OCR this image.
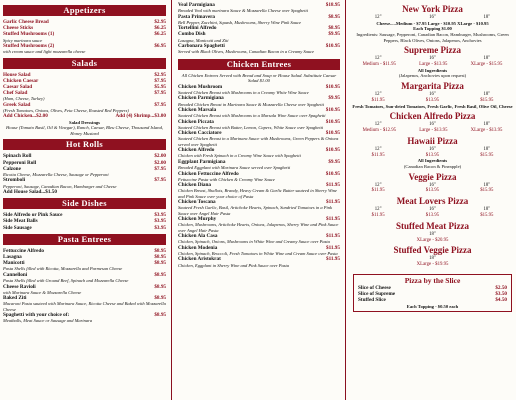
Appetizers
Garlic Cheese Bread	$2.95
Cheese Sticks	$6.25
Stuffed Mushrooms (1)	$6.25
Spicy marinara sauce
Stuffed Mushrooms (2)	$6.95
with cream sauce and light mozzarella cheese
Salads
House Salad	$2.95
Chicken Caesar	$7.95
Caesar Salad	$5.95
Chef Salad	$7.95
(Ham, Cheese, Turkey)
Greek Salad	$7.95
(Fresh Tomatoes, Onions, Olives, Feta Cheese, Roasted Red Peppers)
Add Chicken...$2.00	Add (4) Shrimp...$3.00
Salad Dressings
House (Tomato Basil, Oil & Vinegar), Ranch, Caesar, Bleu Cheese, Thousand Island, Honey Mustard
Hot Rolls
Spinach Roll	$2.00
Pepperoni Roll	$2.00
Calzone	$7.95
Ricotta Cheese, Mozzarella Cheese, Sausage or Pepperoni
Stromboli	$7.95
Pepperoni, Sausage, Canadian Bacon, Hamburger and Cheese
Add House Salad...$1.50
Side Dishes
Side Alfredo or Pink Sauce	$3.95
Side Meat Balls	$3.95
Side Sausage	$3.95
Pasta Entrees
Fettuccine Alfredo	$8.95
Lasagna	$8.95
Manicotti	$8.95
Pasta Shells filled with Ricotta, Mozzarella and Parmesan Cheese
Cannelloni	$8.95
Pasta Shells filled with Ground Beef, Spinach and Mozzarella Cheese
Cheese Ravioli	$8.95
with Marinara Sauce & Mozzarella Cheese
Baked Ziti	$8.95
Macaroni Pasta sauteed with Marinara Sauce, Ricotta Cheese and Baked with Mozzarella Cheese
Spaghetti with your choice of:	$8.95
Meatballs, Meat Sauce or Sausage and Marinara
Veal Parmigiana	$18.95
Breaded Veal with marinara Sauce & Mozzarella Cheese over Spaghetti
Pasta Primavera	$8.95
Bell Pepper, Zucchini, Squash, Mushrooms, Sherry Wine Pink Sauce
Tortellini Alfredo	$8.95
Combo Dish	$9.95
Lasagna, Manicotti and Ziti
Carbonara Spaghetti	$10.95
Served with Black Olives, Mushrooms, Canadian Bacon in a Creamy Sauce
Chicken Entrees
All Chicken Entrees Served with Bread and Soup or House Salad. Substitute Caesar Salad $1.00
Chicken Mushroom	$10.95
Sauteed Chicken Breast with Mushrooms in a Creamy White Wine Sauce
Chicken Parmigiana	$9.95
Breaded Chicken Breast in Marinara Sauce & Mozzarella Cheese over Spaghetti
Chicken Marsala	$10.95
Sauteed Chicken Breast with Mushrooms in a Marsala Wine Sauce over Spaghetti
Chicken Piccata	$10.95
Sauteed Chicken Breast with Butter, Lemon, Capers, White Sauce over Spaghetti
Chicken Cacciatore	$10.95
Sauteed Chicken Breast in a Marinara Sauce with Mushrooms, Green Peppers & Onions served over Spaghetti
Chicken Alfredo	$10.95
Chicken with Fresh Spinach in a Creamy Wine Sauce with Spaghetti
Eggplant Parmigiana	$9.95
Breaded Eggplant with Marinara Sauce served over Spaghetti
Chicken Fettuccine Alfredo	$10.95
Fettuccine Pasta with Chicken & Creamy Wine Sauce
Chicken Diana	$11.95
Chicken Breast, Shallots, Brandy, Heavy Cream & Garlic Butter sauteed in Sherry Wine and Pink Sauce over your choice of Pasta
Chicken Toscana	$11.95
Sauteed Fresh Garlic, Basil, Artichoke Hearts, Spinach, Sundried Tomatoes in a Pink Sauce over Angel Hair Pasta
Chicken Murphy	$11.95
Chicken, Mushrooms, Artichoke Hearts, Onions, Jalapenos, Sherry Wine and Pink Sauce over Angel Hair Pasta
Chicken Ala Casa	$11.95
Chicken, Spinach, Onions, Mushrooms in White Wine and Creamy Sauce over Pasta
Chicken Modenia	$11.95
Chicken, Spinach, Broccoli, Fresh Tomatoes in White Wine and Cream Sauce over Pasta
Chicken Aristokrat	$11.95
Chicken, Eggplant in Sherry Wine and Pink Sauce over Pasta
New York Pizza
12"	16"	18"
Cheese.....Medium - $7.95 Large - $10.95 XLarge - $10.95
Each Topping $1.00
Ingredients: Sausage, Pepperoni, Canadian Bacon, Hamburger, Mushrooms, Green Peppers, Black Olives, Onions, Jalapenos, Anchovies
Supreme Pizza
12"	16"	18"
Medium - $11.95	Large - $13.95	XLarge - $15.95
All Ingredients
(Jalapenos, Anchovies upon request)
Margarita Pizza
12"	16"	18"
$11.95	$13.95	$15.95
Fresh Tomatoes, Sun-dried Tomatoes, Fresh Garlic, Fresh Basil, Olive Oil, Cheese
Chicken Alfredo Pizza
12"	16"	18"
Medium - $12.95	Large - $13.95	XLarge - $13.95
Hawaii Pizza
12"	16"	18"
$11.95	$13.95	$15.95
All Ingredients
(Canadian Bacon & Pineapple)
Veggie Pizza
12"	16"	18"
$11.95	$13.95	$15.95
Meat Lovers Pizza
12"	16"	18"
$11.95	$13.95	$15.95
Stuffed Meat Pizza
18"
XLarge - $20.95
Stuffed Veggie Pizza
18"
XLarge - $19.95
Pizza by the Slice
Slice of Cheese	$2.50
Slice of Supreme	$3.50
Stuffed Slice	$4.50
Each Topping - $0.50 each
